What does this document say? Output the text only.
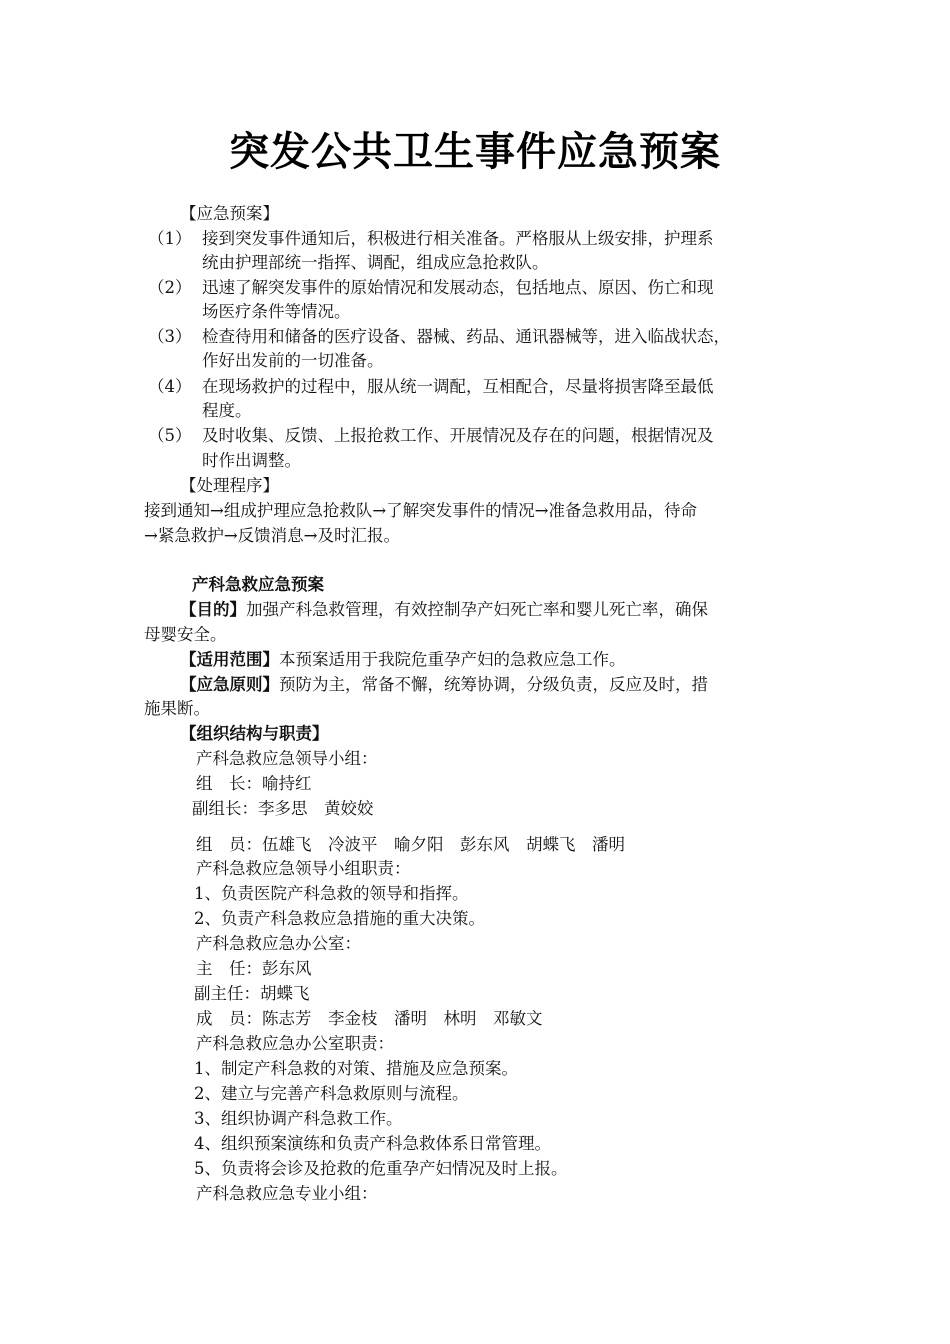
突发公共卫生事件应急预案
【应急预案】
（1） 接到突发事件通知后，积极进行相关准备。严格服从上级安排，护理系
统由护理部统一指挥、调配，组成应急抢救队。
（2） 迅速了解突发事件的原始情况和发展动态，包括地点、原因、伤亡和现
场医疗条件等情况。
（3） 检查待用和储备的医疗设备、器械、药品、通讯器械等，进入临战状态，
作好出发前的一切准备。
（4） 在现场救护的过程中，服从统一调配，互相配合，尽量将损害降至最低
程度。
（5） 及时收集、反馈、上报抢救工作、开展情况及存在的问题，根据情况及
时作出调整。
【处理程序】
接到通知→组成护理应急抢救队→了解突发事件的情况→准备急救用品，待命
→紧急救护→反馈消息→及时汇报。
产科急救应急预案
【目的】加强产科急救管理，有效控制孕产妇死亡率和婴儿死亡率，确保
母婴安全。
【适用范围】本预案适用于我院危重孕产妇的急救应急工作。
【应急原则】预防为主，常备不懈，统筹协调，分级负责，反应及时，措
施果断。
【组织结构与职责】
产科急救应急领导小组：
组　长：喻持红
副组长：李多思　黄姣姣
组　员：伍雄飞　冷波平　喻夕阳　彭东风　胡蝶飞　潘明
产科急救应急领导小组职责：
1、负责医院产科急救的领导和指挥。
2、负责产科急救应急措施的重大决策。
产科急救应急办公室：
主　任：彭东风
副主任：胡蝶飞
成　员：陈志芳　李金枝　潘明　林明　邓敏文
产科急救应急办公室职责：
1、制定产科急救的对策、措施及应急预案。
2、建立与完善产科急救原则与流程。
3、组织协调产科急救工作。
4、组织预案演练和负责产科急救体系日常管理。
5、负责将会诊及抢救的危重孕产妇情况及时上报。
产科急救应急专业小组：
